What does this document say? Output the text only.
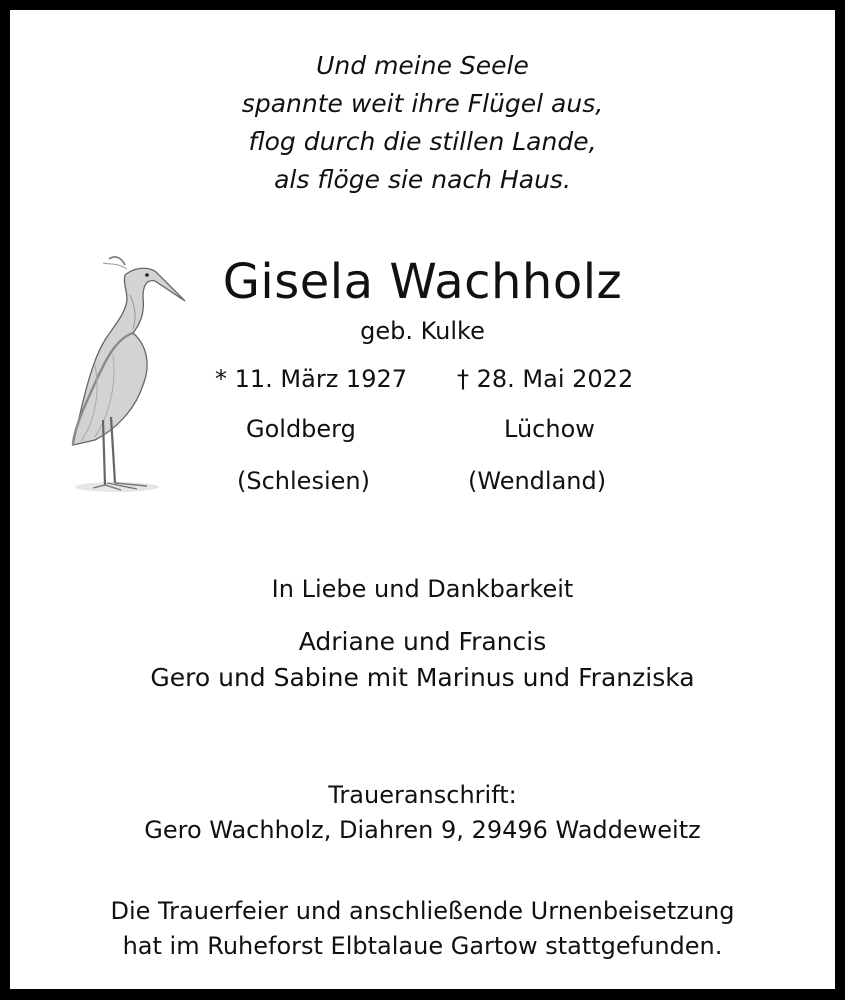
Und meine Seele
spannte weit ihre Flügel aus,
flog durch die stillen Lande,
als flöge sie nach Haus.
Gisela Wachholz
geb. Kulke
* 11. März 1927 † 28. Mai 2022
Goldberg	Lüchow
(Schlesien)	(Wendland)
In Liebe und Dankbarkeit
Adriane und Francis
Gero und Sabine mit Marinus und Franziska
Traueranschrift:
Gero Wachholz, Diahren 9, 29496 Waddeweitz
Die Trauerfeier und anschließende Urnenbeisetzung
hat im Ruheforst Elbtalaue Gartow stattgefunden.
